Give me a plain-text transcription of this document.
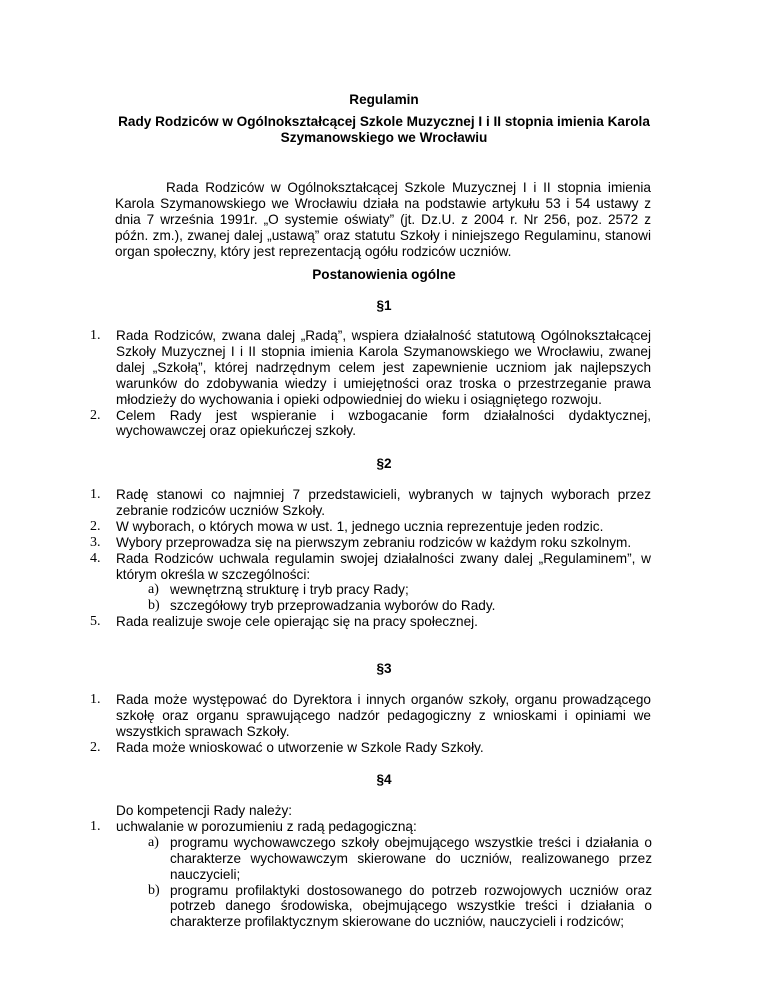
Regulamin
Rady Rodziców w Ogólnokształcącej Szkole Muzycznej I i II stopnia imienia Karola
Szymanowskiego we Wrocławiu
Rada Rodziców w Ogólnokształcącej Szkole Muzycznej I i II stopnia imienia Karola Szymanowskiego we Wrocławiu działa na podstawie artykułu 53 i 54 ustawy z dnia 7 września 1991r. „O systemie oświaty” (jt. Dz.U. z 2004 r. Nr 256, poz. 2572 z późn. zm.), zwanej dalej „ustawą” oraz statutu Szkoły i niniejszego Regulaminu, stanowi organ społeczny, który jest reprezentacją ogółu rodziców uczniów.
Postanowienia ogólne
§1
1. Rada Rodziców, zwana dalej „Radą”, wspiera działalność statutową Ogólnokształcącej Szkoły Muzycznej I i II stopnia imienia Karola Szymanowskiego we Wrocławiu, zwanej dalej „Szkołą”, której nadrzędnym celem jest zapewnienie uczniom jak najlepszych warunków do zdobywania wiedzy i umiejętności oraz troska o przestrzeganie prawa młodzieży do wychowania i opieki odpowiedniej do wieku i osiągniętego rozwoju.
2. Celem Rady jest wspieranie i wzbogacanie form działalności dydaktycznej, wychowawczej oraz opiekuńczej szkoły.
§2
1. Radę stanowi co najmniej 7 przedstawicieli, wybranych w tajnych wyborach przez zebranie rodziców uczniów Szkoły.
2. W wyborach, o których mowa w ust. 1, jednego ucznia reprezentuje jeden rodzic.
3. Wybory przeprowadza się na pierwszym zebraniu rodziców w każdym roku szkolnym.
4. Rada Rodziców uchwala regulamin swojej działalności zwany dalej „Regulaminem”, w którym określa w szczególności:
a) wewnętrzną strukturę i tryb pracy Rady;
b) szczegółowy tryb przeprowadzania wyborów do Rady.
5. Rada realizuje swoje cele opierając się na pracy społecznej.
§3
1. Rada może występować do Dyrektora i innych organów szkoły, organu prowadzącego szkołę oraz organu sprawującego nadzór pedagogiczny z wnioskami i opiniami we wszystkich sprawach Szkoły.
2. Rada może wnioskować o utworzenie w Szkole Rady Szkoły.
§4
Do kompetencji Rady należy:
1. uchwalanie w porozumieniu z radą pedagogiczną:
a) programu wychowawczego szkoły obejmującego wszystkie treści i działania o charakterze wychowawczym skierowane do uczniów, realizowanego przez nauczycieli;
b) programu profilaktyki dostosowanego do potrzeb rozwojowych uczniów oraz potrzeb danego środowiska, obejmującego wszystkie treści i działania o charakterze profilaktycznym skierowane do uczniów, nauczycieli i rodziców;
